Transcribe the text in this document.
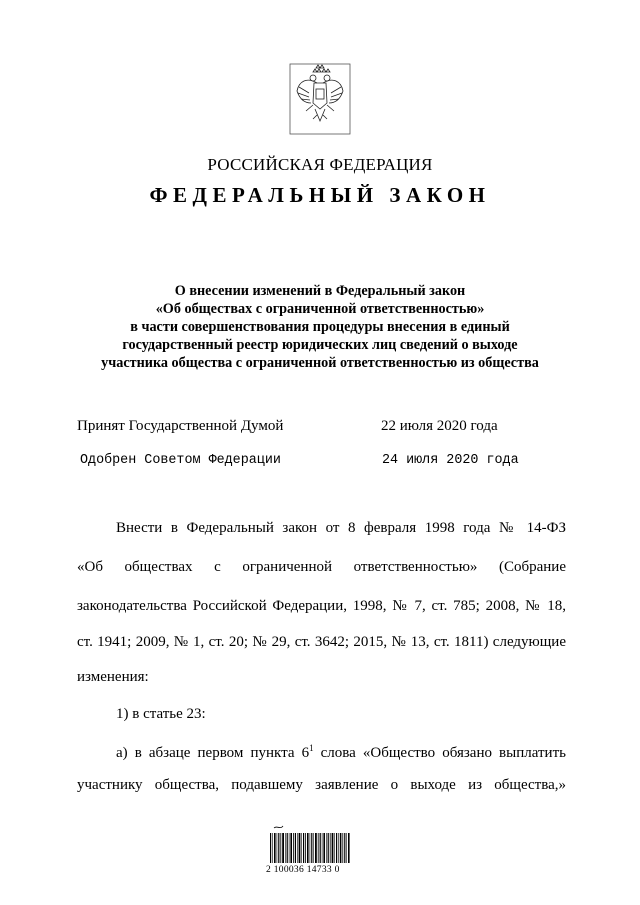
РОССИЙСКАЯ ФЕДЕРАЦИЯ
ФЕДЕРАЛЬНЫЙ ЗАКОН
О внесении изменений в Федеральный закон
«Об обществах с ограниченной ответственностью»
в части совершенствования процедуры внесения в единый
государственный реестр юридических лиц сведений о выходе
участника общества с ограниченной ответственностью из общества
Принят Государственной Думой	22 июля 2020 года
Одобрен Советом Федерации	24 июля 2020 года
Внести в Федеральный закон от 8 февраля 1998 года № 14-ФЗ
«Об обществах с ограниченной ответственностью» (Собрание
законодательства Российской Федерации, 1998, № 7, ст. 785; 2008, № 18,
ст. 1941; 2009, № 1, ст. 20; № 29, ст. 3642; 2015, № 13, ст. 1811) следующие
изменения:
1) в статье 23:
а) в абзаце первом пункта $6^1$ слова «Общество обязано выплатить
участнику общества, подавшему заявление о выходе из общества,»
2 100036 14733 0
